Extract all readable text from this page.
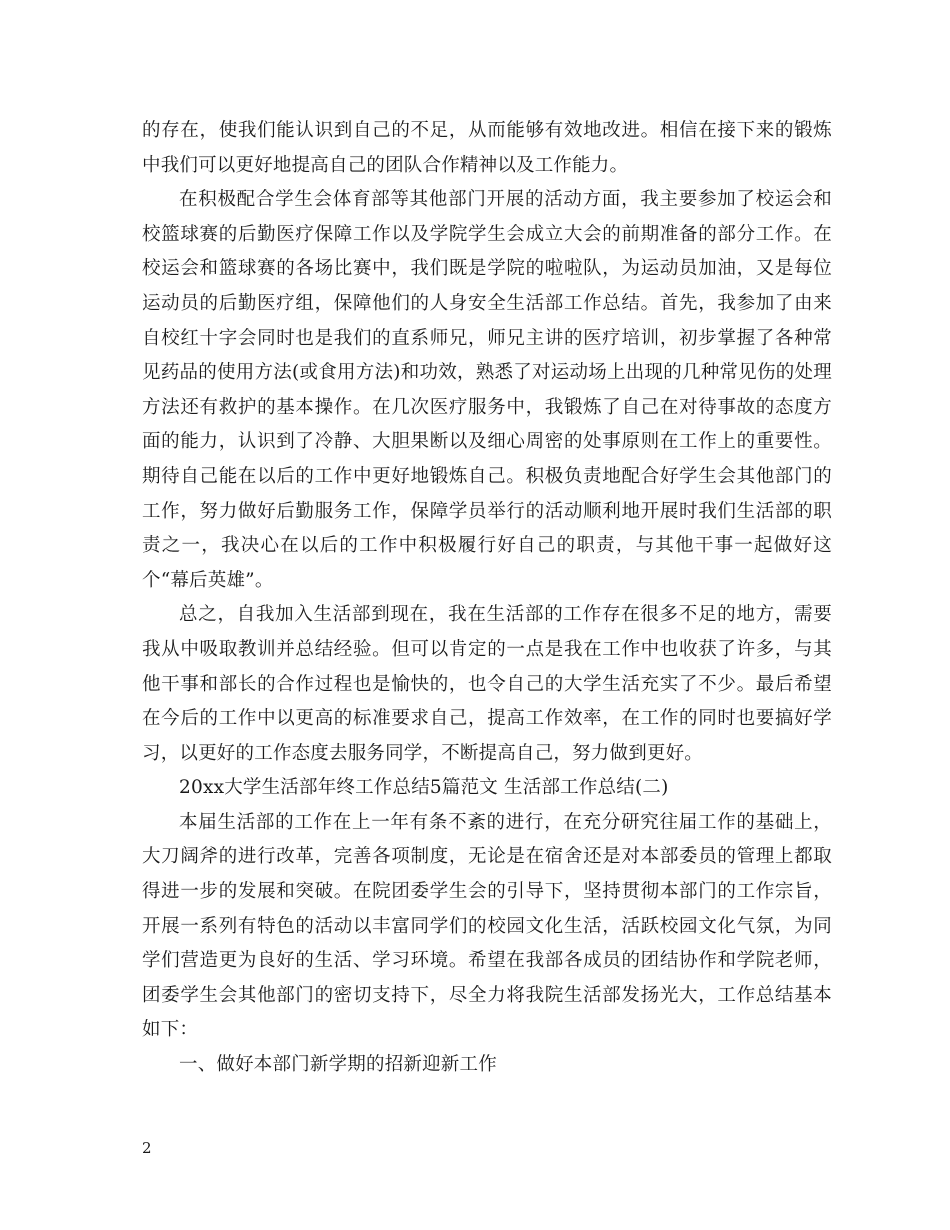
的存在，使我们能认识到自己的不足，从而能够有效地改进。相信在接下来的锻炼中我们可以更好地提高自己的团队合作精神以及工作能力。

在积极配合学生会体育部等其他部门开展的活动方面，我主要参加了校运会和校篮球赛的后勤医疗保障工作以及学院学生会成立大会的前期准备的部分工作。在校运会和篮球赛的各场比赛中，我们既是学院的啦啦队，为运动员加油，又是每位运动员的后勤医疗组，保障他们的人身安全生活部工作总结。首先，我参加了由来自校红十字会同时也是我们的直系师兄，师兄主讲的医疗培训，初步掌握了各种常见药品的使用方法(或食用方法)和功效，熟悉了对运动场上出现的几种常见伤的处理方法还有救护的基本操作。在几次医疗服务中，我锻炼了自己在对待事故的态度方面的能力，认识到了冷静、大胆果断以及细心周密的处事原则在工作上的重要性。期待自己能在以后的工作中更好地锻炼自己。积极负责地配合好学生会其他部门的工作，努力做好后勤服务工作，保障学员举行的活动顺利地开展时我们生活部的职责之一，我决心在以后的工作中积极履行好自己的职责，与其他干事一起做好这个“幕后英雄”。

总之，自我加入生活部到现在，我在生活部的工作存在很多不足的地方，需要我从中吸取教训并总结经验。但可以肯定的一点是我在工作中也收获了许多，与其他干事和部长的合作过程也是愉快的，也令自己的大学生活充实了不少。最后希望在今后的工作中以更高的标准要求自己，提高工作效率，在工作的同时也要搞好学习，以更好的工作态度去服务同学，不断提高自己，努力做到更好。

20xx大学生活部年终工作总结5篇范文 生活部工作总结(二)

本届生活部的工作在上一年有条不紊的进行，在充分研究往届工作的基础上，大刀阔斧的进行改革，完善各项制度，无论是在宿舍还是对本部委员的管理上都取得进一步的发展和突破。在院团委学生会的引导下，坚持贯彻本部门的工作宗旨，开展一系列有特色的活动以丰富同学们的校园文化生活，活跃校园文化气氛，为同学们营造更为良好的生活、学习环境。希望在我部各成员的团结协作和学院老师，团委学生会其他部门的密切支持下，尽全力将我院生活部发扬光大，工作总结基本如下：

一、做好本部门新学期的招新迎新工作

2
